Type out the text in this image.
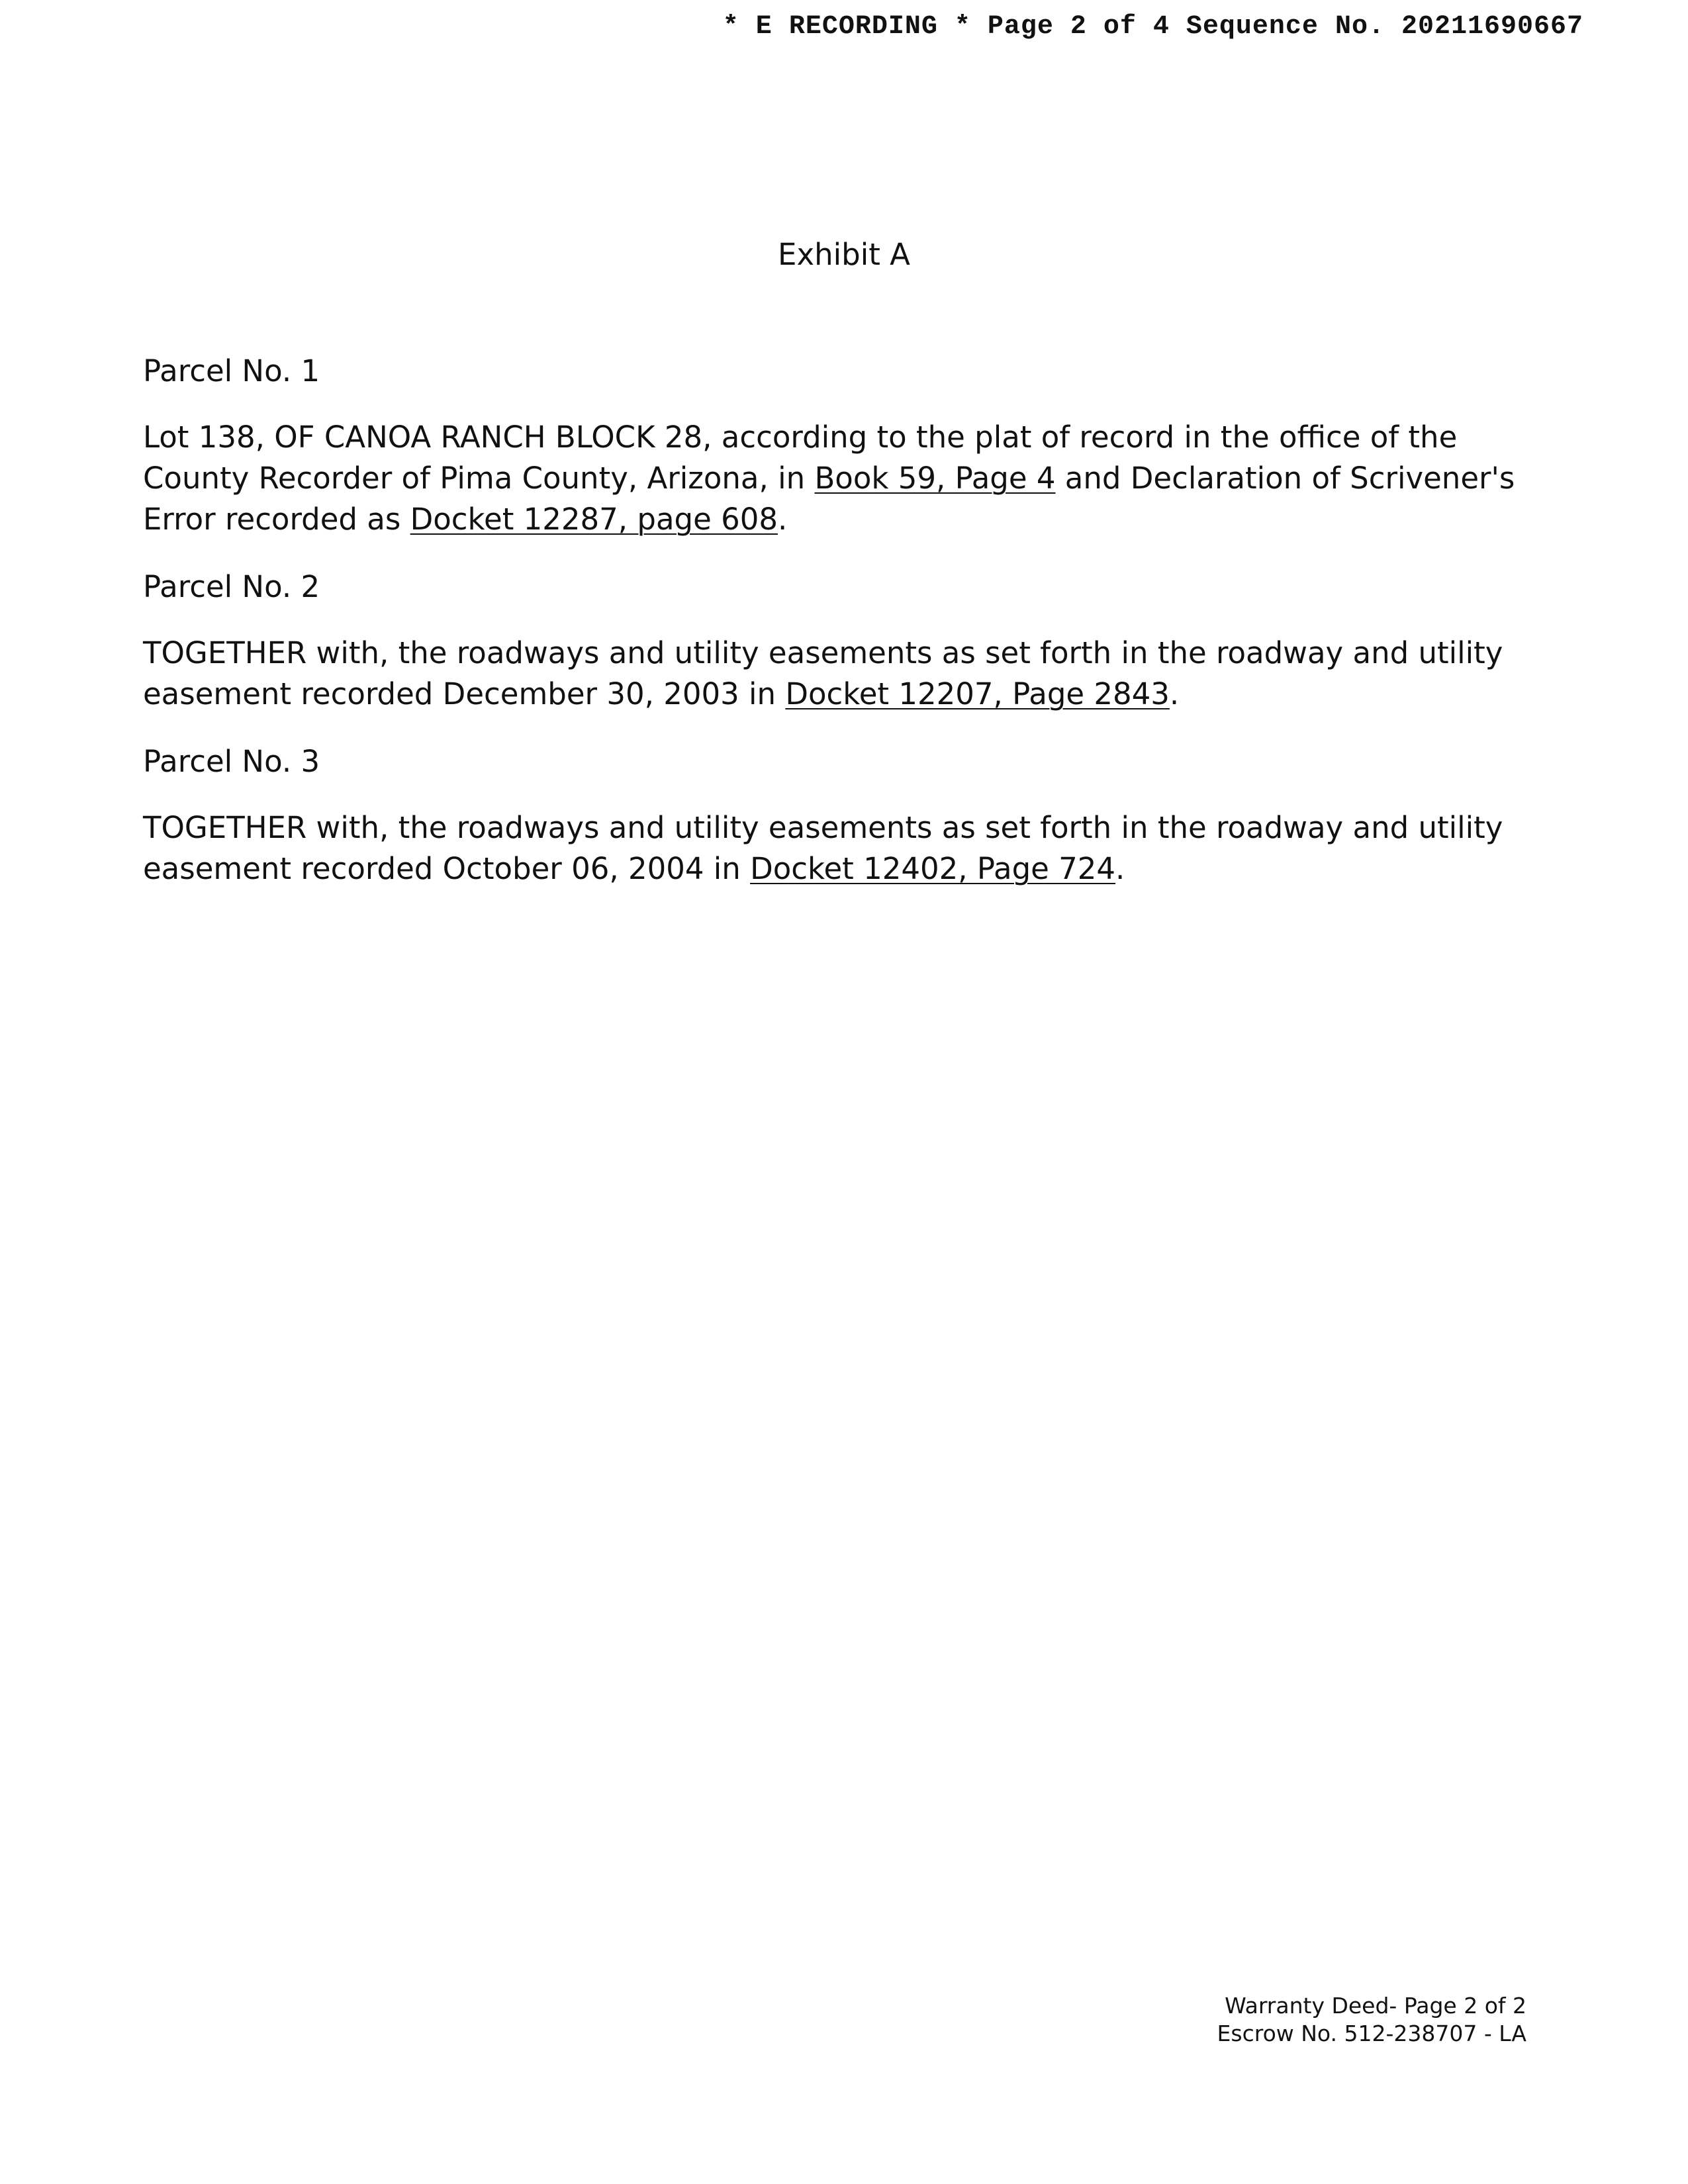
* E RECORDING * Page 2 of 4 Sequence No. 20211690667
Exhibit A

Parcel No. 1

Lot 138, OF CANOA RANCH BLOCK 28, according to the plat of record in the office of the County Recorder of Pima County, Arizona, in Book 59, Page 4 and Declaration of Scrivener's Error recorded as Docket 12287, page 608.

Parcel No. 2

TOGETHER with, the roadways and utility easements as set forth in the roadway and utility easement recorded December 30, 2003 in Docket 12207, Page 2843.

Parcel No. 3

TOGETHER with, the roadways and utility easements as set forth in the roadway and utility easement recorded October 06, 2004 in Docket 12402, Page 724.

Warranty Deed- Page 2 of 2
Escrow No. 512-238707 - LA
